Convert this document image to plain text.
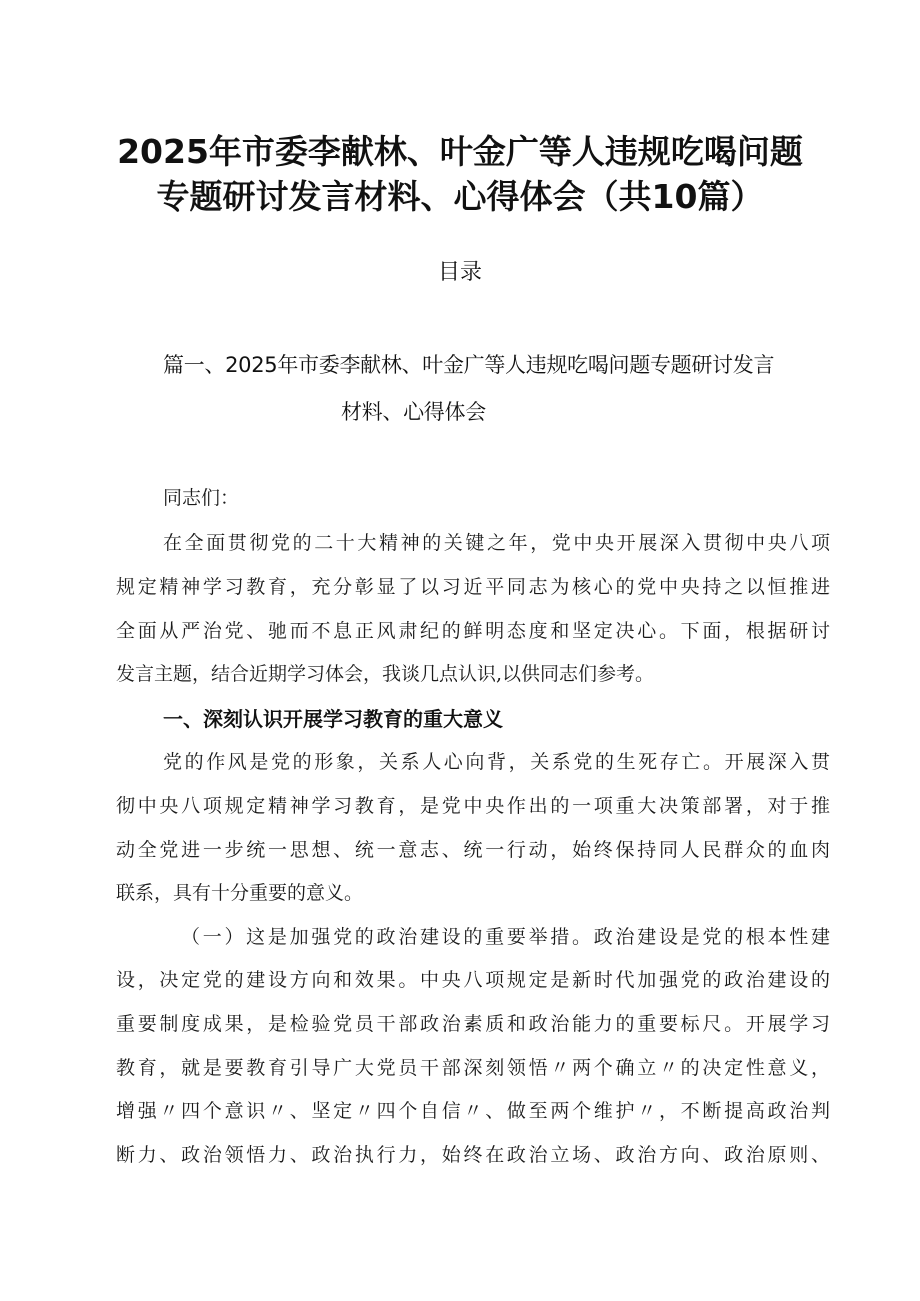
2025年市委李献林、叶金广等人违规吃喝问题
专题研讨发言材料、心得体会（共10篇）
目录
篇一、2025年市委李献林、叶金广等人违规吃喝问题专题研讨发言
材料、心得体会
同志们：
在全面贯彻党的二十大精神的关键之年，党中央开展深入贯彻中央八项
规定精神学习教育，充分彰显了以习近平同志为核心的党中央持之以恒推进
全面从严治党、驰而不息正风肃纪的鲜明态度和坚定决心。下面，根据研讨
发言主题，结合近期学习体会，我谈几点认识,以供同志们参考。
一、深刻认识开展学习教育的重大意义
党的作风是党的形象，关系人心向背，关系党的生死存亡。开展深入贯
彻中央八项规定精神学习教育，是党中央作出的一项重大决策部署，对于推
动全党进一步统一思想、统一意志、统一行动，始终保持同人民群众的血肉
联系，具有十分重要的意义。
（一）这是加强党的政治建设的重要举措。政治建设是党的根本性建
设，决定党的建设方向和效果。中央八项规定是新时代加强党的政治建设的
重要制度成果，是检验党员干部政治素质和政治能力的重要标尺。开展学习
教育，就是要教育引导广大党员干部深刻领悟〃两个确立〃的决定性意义，
增强〃四个意识〃、坚定〃四个自信〃、做至两个维护〃，不断提高政治判
断力、政治领悟力、政治执行力，始终在政治立场、政治方向、政治原则、
